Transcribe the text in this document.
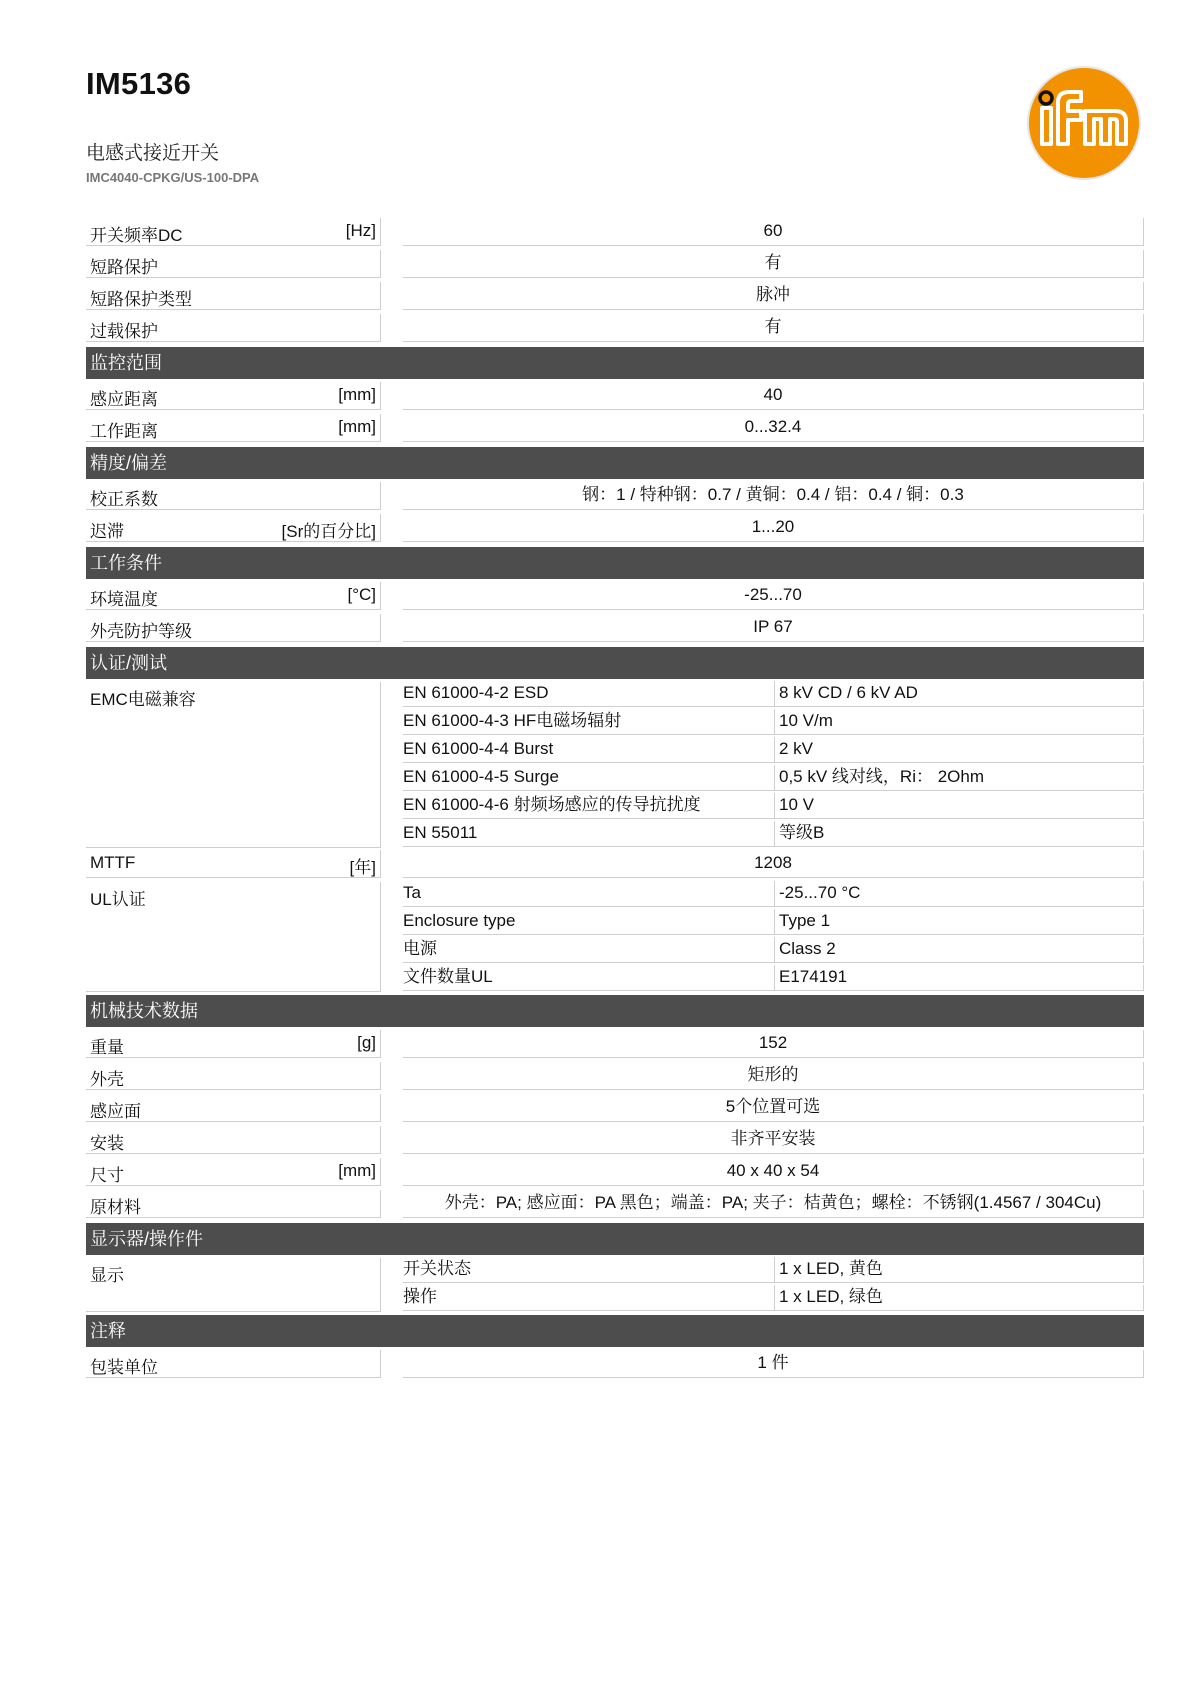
IM5136
电感式接近开关
IMC4040-CPKG/US-100-DPA
开关频率DC	[Hz]	60
短路保护	有
短路保护类型	脉冲
过载保护	有
监控范围
感应距离	[mm]	40
工作距离	[mm]	0...32.4
精度/偏差
校正系数	钢：1 / 特种钢：0.7 / 黄铜：0.4 / 铝：0.4 / 铜：0.3
迟滞	[Sr的百分比]	1...20
工作条件
环境温度	[°C]	-25...70
外壳防护等级	IP 67
认证/测试
EMC电磁兼容	EN 61000-4-2 ESD	8 kV CD / 6 kV AD
EN 61000-4-3 HF电磁场辐射	10 V/m
EN 61000-4-4 Burst	2 kV
EN 61000-4-5 Surge	0,5 kV 线对线，Ri： 2Ohm
EN 61000-4-6 射频场感应的传导抗扰度	10 V
EN 55011	等级B
MTTF	[年]	1208
UL认证	Ta	-25...70 °C
Enclosure type	Type 1
电源	Class 2
文件数量UL	E174191
机械技术数据
重量	[g]	152
外壳	矩形的
感应面	5个位置可选
安装	非齐平安装
尺寸	[mm]	40 x 40 x 54
原材料	外壳：PA; 感应面：PA 黑色；端盖：PA; 夹子：桔黄色；螺栓：不锈钢(1.4567 / 304Cu)
显示器/操作件
显示	开关状态	1 x LED, 黄色
操作	1 x LED, 绿色
注释
包装单位	1 件
